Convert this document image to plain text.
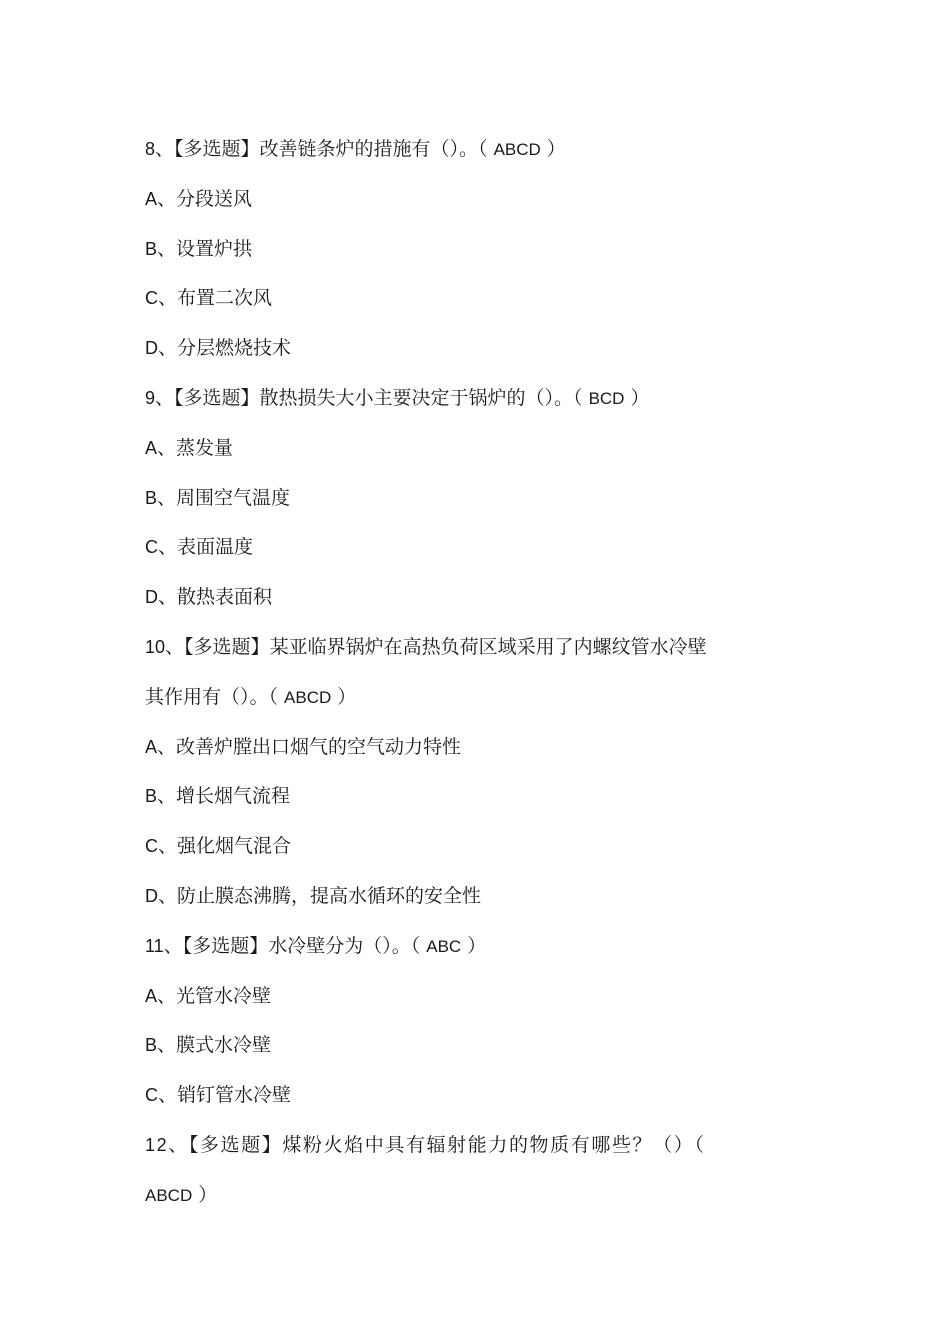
8、【多选题】改善链条炉的措施有（）。（ ABCD ）
A、分段送风
B、设置炉拱
C、布置二次风
D、分层燃烧技术
9、【多选题】散热损失大小主要决定于锅炉的（）。（ BCD ）
A、蒸发量
B、周围空气温度
C、表面温度
D、散热表面积
10、【多选题】某亚临界锅炉在高热负荷区域采用了内螺纹管水冷壁
其作用有（）。（ ABCD ）
A、改善炉膛出口烟气的空气动力特性
B、增长烟气流程
C、强化烟气混合
D、防止膜态沸腾，提高水循环的安全性
11、【多选题】水冷壁分为（）。（ ABC ）
A、光管水冷壁
B、膜式水冷壁
C、销钉管水冷壁
12、【多选题】煤粉火焰中具有辐射能力的物质有哪些？（）（
ABCD ）
